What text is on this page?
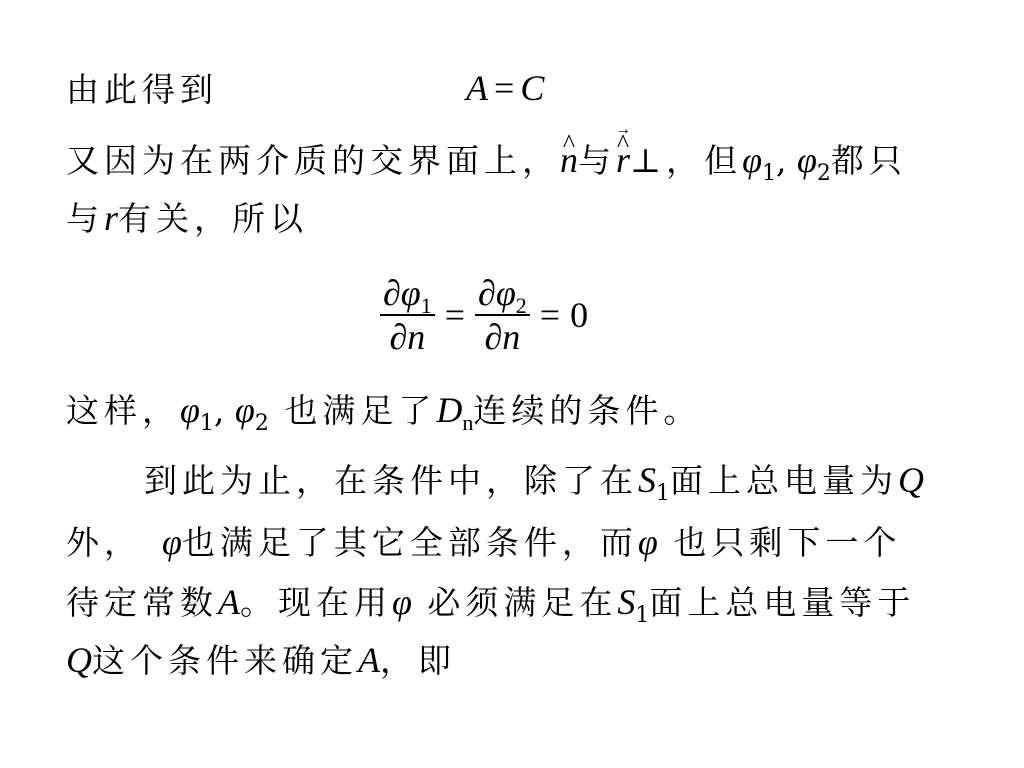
由此得到	A = C
又因为在两介质的交界面上，^ n与^ r →⊥，但$\varphi_1$, $\varphi_2$都只
与r有关，所以
$\frac{\partial\varphi_1}{\partial n} = \frac{\partial\varphi_2}{\partial n} = 0$
这样，$\varphi_1$, $\varphi_2$ 也满足了$D_n$连续的条件。
到此为止，在条件中，除了在$S_1$面上总电量为Q
外， φ也满足了其它全部条件，而φ 也只剩下一个
待定常数A。现在用φ 必须满足在$S_1$面上总电量等于
Q这个条件来确定A，即
